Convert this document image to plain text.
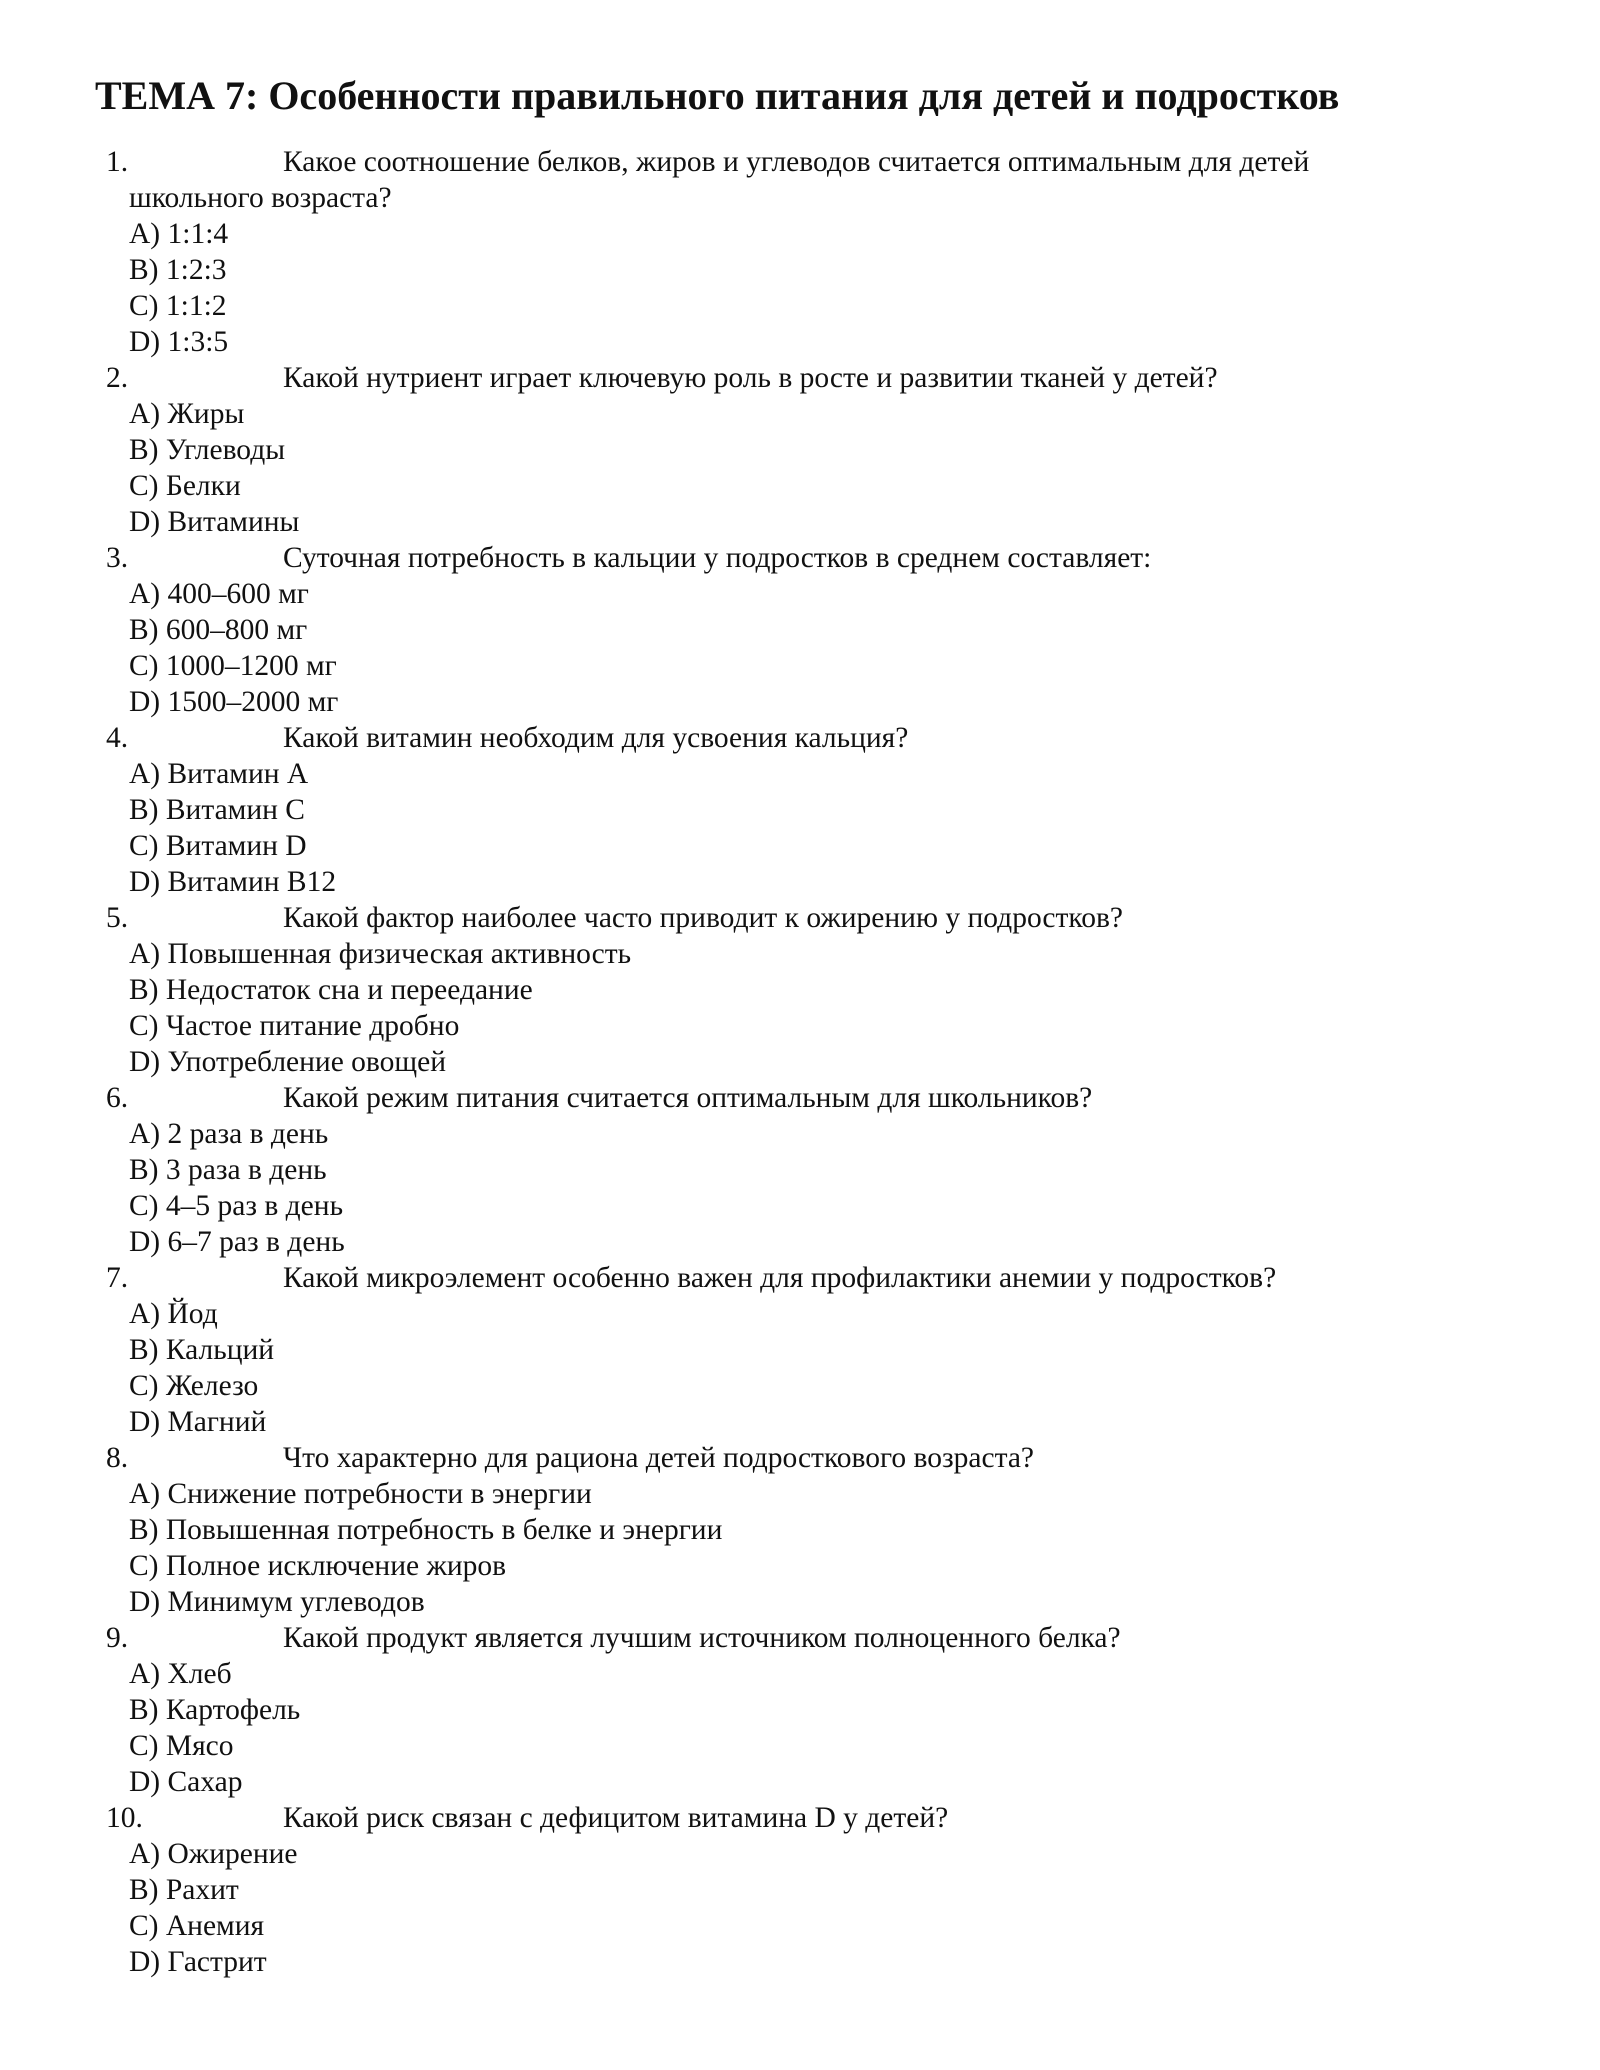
ТЕМА 7: Особенности правильного питания для детей и подростков
1.	Какое соотношение белков, жиров и углеводов считается оптимальным для детей
школьного возраста?
A) 1:1:4
B) 1:2:3
C) 1:1:2
D) 1:3:5
2.	Какой нутриент играет ключевую роль в росте и развитии тканей у детей?
A) Жиры
B) Углеводы
C) Белки
D) Витамины
3.	Суточная потребность в кальции у подростков в среднем составляет:
A) 400–600 мг
B) 600–800 мг
C) 1000–1200 мг
D) 1500–2000 мг
4.	Какой витамин необходим для усвоения кальция?
A) Витамин A
B) Витамин C
C) Витамин D
D) Витамин B12
5.	Какой фактор наиболее часто приводит к ожирению у подростков?
A) Повышенная физическая активность
B) Недостаток сна и переедание
C) Частое питание дробно
D) Употребление овощей
6.	Какой режим питания считается оптимальным для школьников?
A) 2 раза в день
B) 3 раза в день
C) 4–5 раз в день
D) 6–7 раз в день
7.	Какой микроэлемент особенно важен для профилактики анемии у подростков?
A) Йод
B) Кальций
C) Железо
D) Магний
8.	Что характерно для рациона детей подросткового возраста?
A) Снижение потребности в энергии
B) Повышенная потребность в белке и энергии
C) Полное исключение жиров
D) Минимум углеводов
9.	Какой продукт является лучшим источником полноценного белка?
A) Хлеб
B) Картофель
C) Мясо
D) Сахар
10.	Какой риск связан с дефицитом витамина D у детей?
A) Ожирение
B) Рахит
C) Анемия
D) Гастрит
